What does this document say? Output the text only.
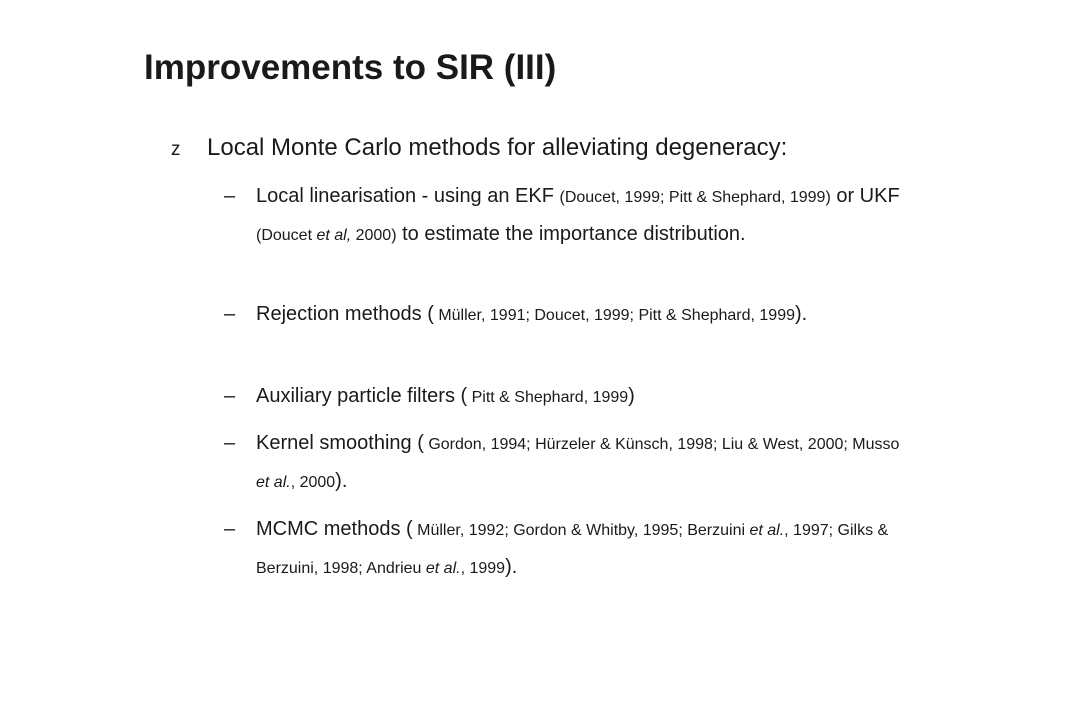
Improvements to SIR (III)
z	Local Monte Carlo methods for alleviating degeneracy:
–	Local linearisation - using an EKF (Doucet, 1999; Pitt & Shephard, 1999) or UKF (Doucet et al, 2000) to estimate the importance distribution.
–	Rejection methods ( Müller, 1991; Doucet, 1999; Pitt & Shephard, 1999).
–	Auxiliary particle filters ( Pitt & Shephard, 1999)
–	Kernel smoothing ( Gordon, 1994; Hürzeler & Künsch, 1998; Liu & West, 2000; Musso et al., 2000).
–	MCMC methods ( Müller, 1992; Gordon & Whitby, 1995; Berzuini et al., 1997; Gilks & Berzuini, 1998; Andrieu et al., 1999).
